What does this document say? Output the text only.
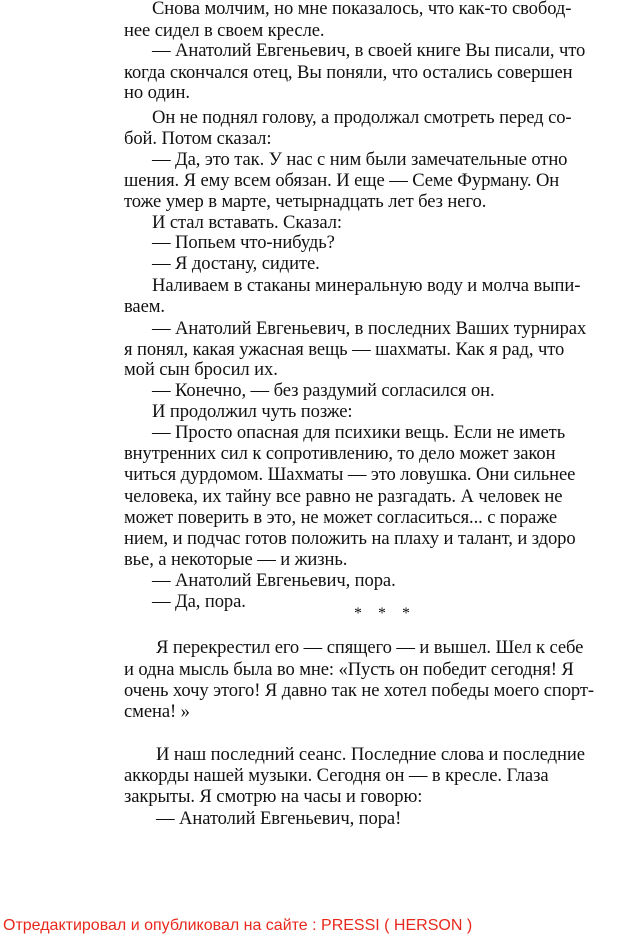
Снова молчим, но мне показалось, что как-то свобод-
нее сидел в своем кресле.
— Анатолий Евгеньевич, в своей книге Вы писали, что
когда скончался отец, Вы поняли, что остались совершен
но один.
Он не поднял голову, а продолжал смотреть перед со-
бой. Потом сказал:
— Да, это так. У нас с ним были замечательные отно
шения. Я ему всем обязан. И еще — Семе Фурману. Он
тоже умер в марте, четырнадцать лет без него.
И стал вставать. Сказал:
— Попьем что-нибудь?
— Я достану, сидите.
Наливаем в стаканы минеральную воду и молча выпи-
ваем.
— Анатолий Евгеньевич, в последних Ваших турнирах
я понял, какая ужасная вещь — шахматы. Как я рад, что
мой сын бросил их.
— Конечно, — без раздумий согласился он.
И продолжил чуть позже:
— Просто опасная для психики вещь. Если не иметь
внутренних сил к сопротивлению, то дело может закон
читься дурдомом. Шахматы — это ловушка. Они сильнее
человека, их тайну все равно не разгадать. А человек не
может поверить в это, не может согласиться... с пораже
нием, и подчас готов положить на плаху и талант, и здоро
вье, а некоторые — и жизнь.
— Анатолий Евгеньевич, пора.
— Да, пора.
* * *
Я перекрестил его — спящего — и вышел. Шел к себе
и одна мысль была во мне: «Пусть он победит сегодня! Я
очень хочу этого! Я давно так не хотел победы моего спорт-
смена! »
И наш последний сеанс. Последние слова и последние
аккорды нашей музыки. Сегодня он — в кресле. Глаза
закрыты. Я смотрю на часы и говорю:
— Анатолий Евгеньевич, пора!
Отредактировал и опубликовал на сайте : PRESSI ( HERSON )
